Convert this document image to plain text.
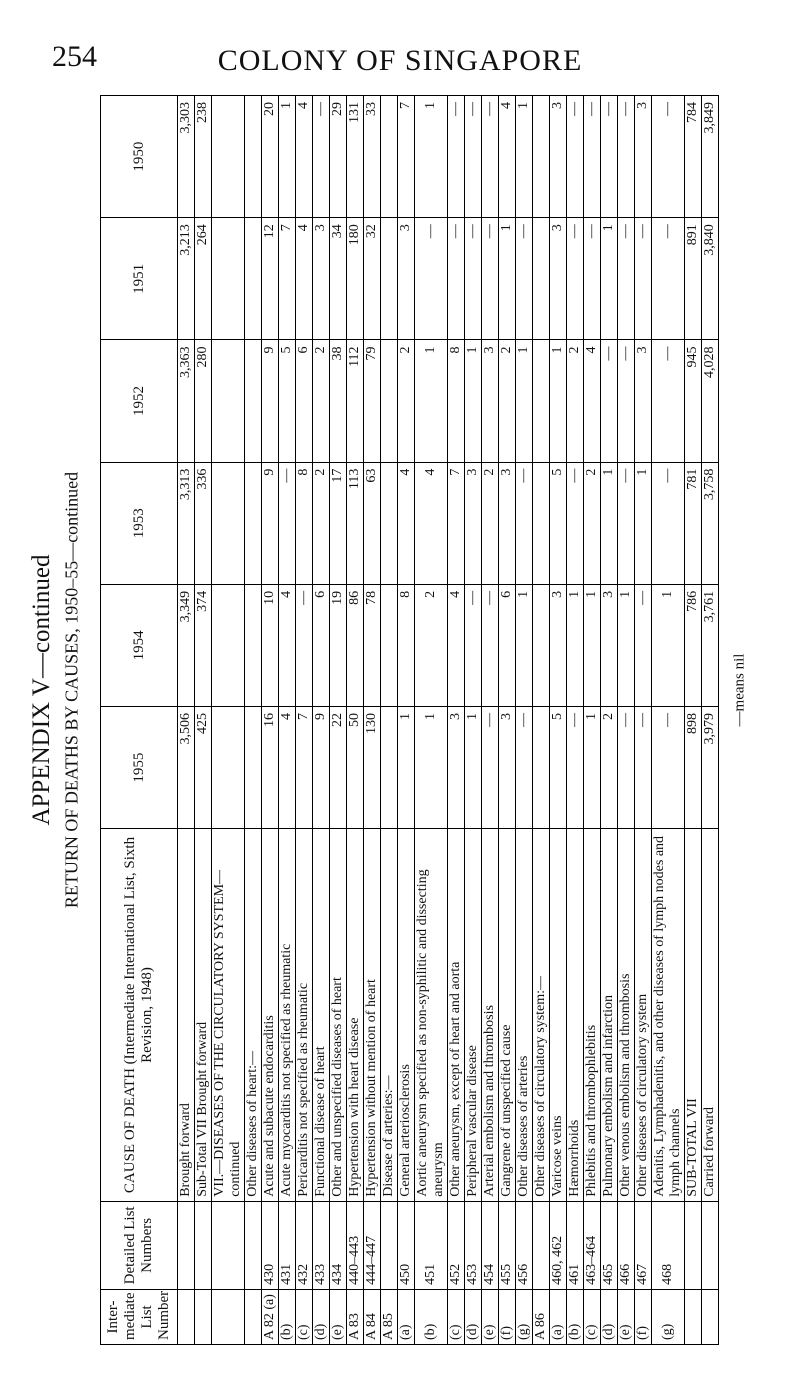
254	COLONY OF SINGAPORE
APPENDIX V—continued RETURN OF DEATHS BY CAUSES, 1950–55—continued	—means nil
Inter-mediate List Number	Detailed List Numbers	CAUSE OF DEATH (Intermediate International List, Sixth Revision, 1948)	1955	1954	1953	1952	1951	1950
		Brought forward	3,506	3,349	3,313	3,363	3,213	3,303
		Sub-Total VII Brought forward	425	374	336	280	264	238
		VII.—DISEASES OF THE CIRCULATORY SYSTEM—continued						
		Other diseases of heart:—						
A 82 (a)	430	Acute and subacute endocarditis	16	10	9	9	12	20
(b)	431	Acute myocarditis not specified as rheumatic	4	4	—	5	7	1
(c)	432	Pericarditis not specified as rheumatic	7	—	8	6	4	4
(d)	433	Functional disease of heart	9	6	2	2	3	—
(e)	434	Other and unspecified diseases of heart	22	19	17	38	34	29
A 83	440–443	Hypertension with heart disease	50	86	113	112	180	131
A 84	444–447	Hypertension without mention of heart	130	78	63	79	32	33
A 85		Disease of arteries:—						
(a)	450	General arteriosclerosis	1	8	4	2	3	7
(b)	451	Aortic aneurysm specified as non-syphilitic and dissecting aneurysm	1	2	4	1	—	1
(c)	452	Other aneurysm, except of heart and aorta	3	4	7	8	—	—
(d)	453	Peripheral vascular disease	1	—	3	1	—	—
(e)	454	Arterial embolism and thrombosis	—	—	2	3	—	—
(f)	455	Gangrene of unspecified cause	3	6	3	2	1	4
(g)	456	Other diseases of arteries	—	1	—	1	—	1
A 86		Other diseases of circulatory system:—						
(a)	460, 462	Varicose veins	5	3	5	1	3	3
(b)	461	Hæmorrhoids	—	1	—	2	—	—
(c)	463–464	Phlebitis and thrombophlebitis	1	1	2	4	—	—
(d)	465	Pulmonary embolism and infarction	2	3	1	—	1	—
(e)	466	Other venous embolism and thrombosis	—	1	—	—	—	—
(f)	467	Other diseases of circulatory system	—	—	1	3	—	3
(g)	468	Adenitis, Lymphadenitis, and other diseases of lymph nodes and lymph channels	—	1	—	—	—	—
		SUB-TOTAL VII	898	786	781	945	891	784
		Carried forward	3,979	3,761	3,758	4,028	3,840	3,849
